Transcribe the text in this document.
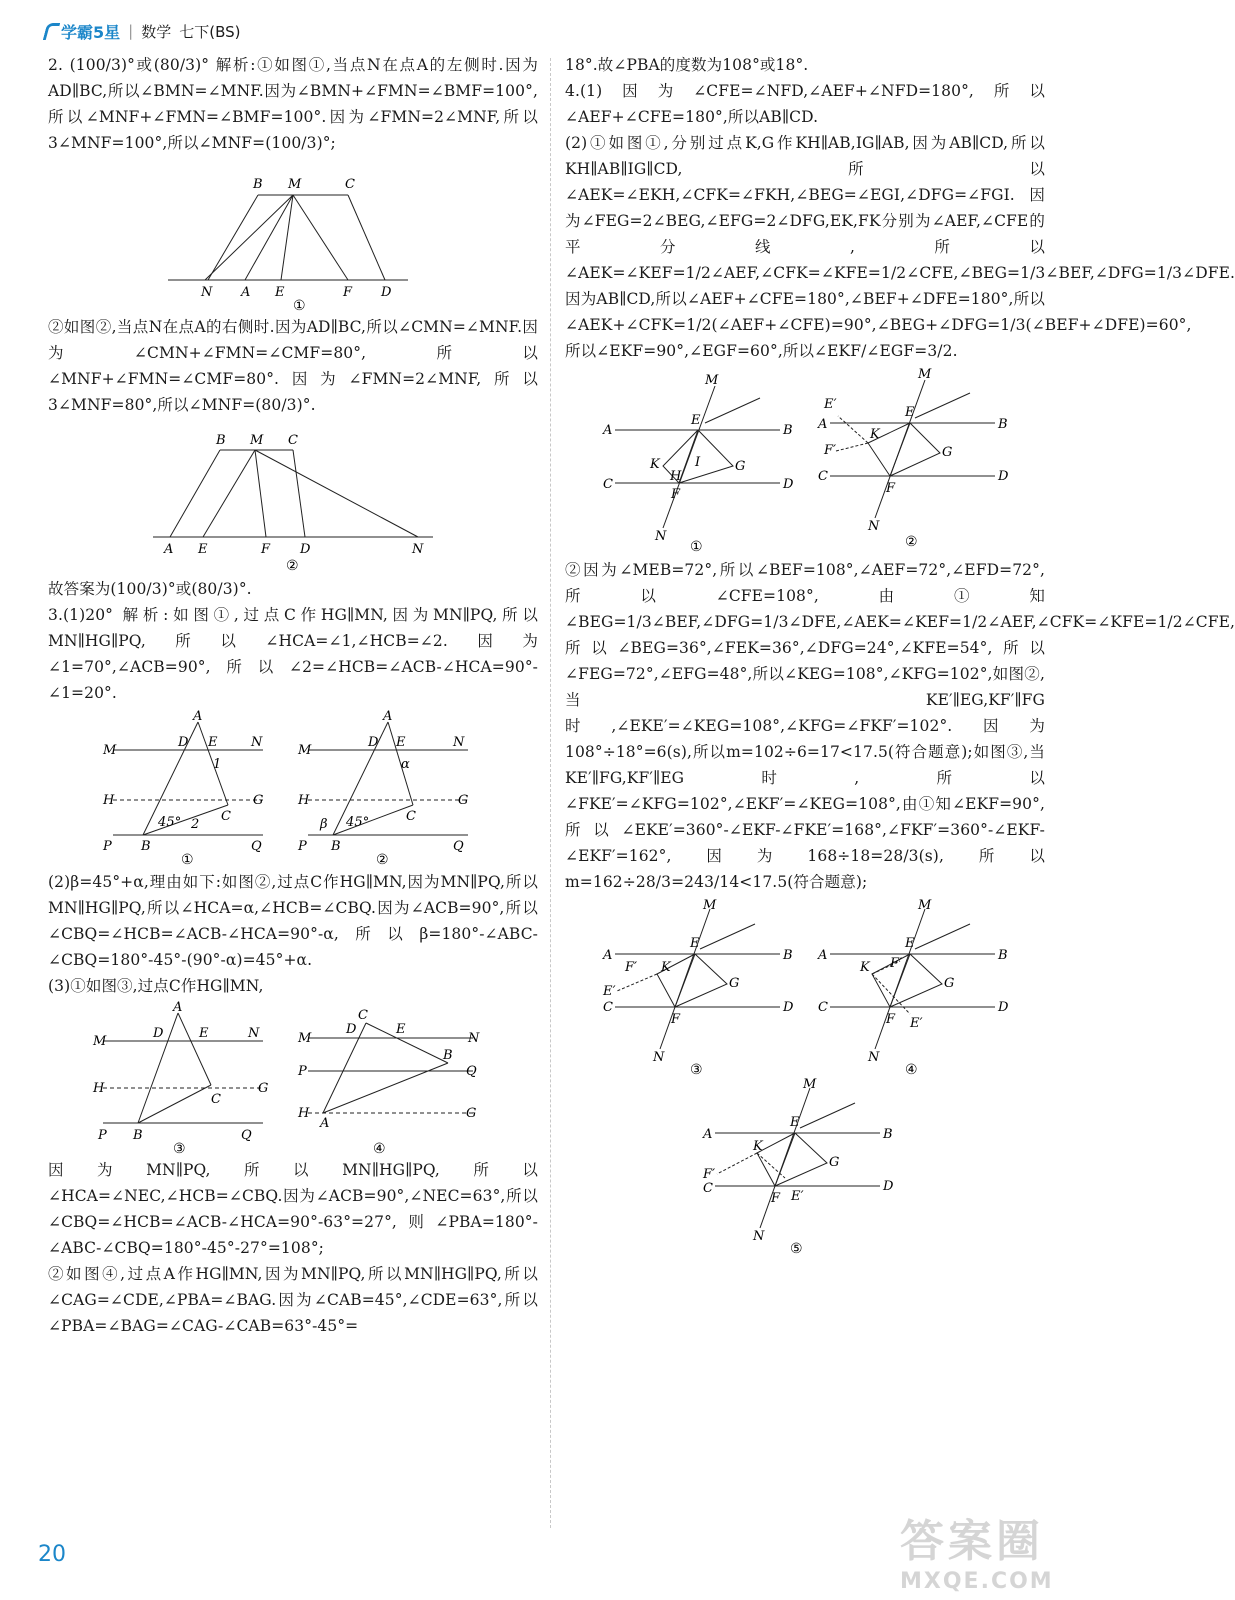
学霸5星 | 数学 七下(BS)

2. (100/3)°或(80/3)° 解析:①如图①,当点N在点A的左侧时.因为AD∥BC,所以∠BMN=∠MNF.因为∠BMN+∠FMN=∠BMF=100°,所以∠MNF+∠FMN=∠BMF=100°.因为∠FMN=2∠MNF,所以3∠MNF=100°,所以∠MNF=(100/3)°;

B M	C
N A E	F D
①

②如图②,当点N在点A的右侧时.因为AD∥BC,所以∠CMN=∠MNF.因为∠CMN+∠FMN=∠CMF=80°,所以∠MNF+∠FMN=∠CMF=80°.因为∠FMN=2∠MNF,所以3∠MNF=80°,所以∠MNF=(80/3)°.

B M C
A E	F D	N
②

故答案为(100/3)°或(80/3)°.

3.(1)20° 解析:如图①,过点C作HG∥MN,因为MN∥PQ,所以MN∥HG∥PQ,所以∠HCA=∠1,∠HCB=∠2.因为∠1=70°,∠ACB=90°,所以∠2=∠HCB=∠ACB-∠HCA=90°-∠1=20°.

A
M
D E	N
H	G
C
P B	Q
45°
1
2
①
A
M
D E	N
H	G
C
P B	Q
45°
β
α
②

(2)β=45°+α,理由如下:如图②,过点C作HG∥MN,因为MN∥PQ,所以MN∥HG∥PQ,所以∠HCA=α,∠HCB=∠CBQ.因为∠ACB=90°,所以∠CBQ=∠HCB=∠ACB-∠HCA=90°-α,所以β=180°-∠ABC-∠CBQ=180°-45°-(90°-α)=45°+α.

(3)①如图③,过点C作HG∥MN,

A
M
D	E	N
H	G
C
P B	Q
③
C
D	E
M	N
P	Q
B
H	G
A
④

因为MN∥PQ,所以MN∥HG∥PQ,所以∠HCA=∠NEC,∠HCB=∠CBQ.因为∠ACB=90°,∠NEC=63°,所以∠CBQ=∠HCB=∠ACB-∠HCA=90°-63°=27°,则∠PBA=180°-∠ABC-∠CBQ=180°-45°-27°=108°;

②如图④,过点A作HG∥MN,因为MN∥PQ,所以MN∥HG∥PQ,所以∠CAG=∠CDE,∠PBA=∠BAG.因为∠CAB=45°,∠CDE=63°,所以∠PBA=∠BAG=∠CAG-∠CAB=63°-45°=

18°.故∠PBA的度数为108°或18°.

4.(1)因为∠CFE=∠NFD,∠AEF+∠NFD=180°,所以∠AEF+∠CFE=180°,所以AB∥CD.

(2)①如图①,分别过点K,G作KH∥AB,IG∥AB,因为AB∥CD,所以KH∥AB∥IG∥CD,所以∠AEK=∠EKH,∠CFK=∠FKH,∠BEG=∠EGI,∠DFG=∠FGI.因为∠FEG=2∠BEG,∠EFG=2∠DFG,EK,FK分别为∠AEF,∠CFE的平分线,所以∠AEK=∠KEF=1/2∠AEF,∠CFK=∠KFE=1/2∠CFE,∠BEG=1/3∠BEF,∠DFG=1/3∠DFE.因为AB∥CD,所以∠AEF+∠CFE=180°,∠BEF+∠DFE=180°,所以∠AEK+∠CFK=1/2(∠AEF+∠CFE)=90°,∠BEG+∠DFG=1/3(∠BEF+∠DFE)=60°,所以∠EKF=90°,∠EGF=60°,所以∠EKF/∠EGF=3/2.

M
A	B
E
K	I	G
H
C	D
F
N
①
M
E′
A	B
E
K
F′	G
C	D
F
N
②

②因为∠MEB=72°,所以∠BEF=108°,∠AEF=72°,∠EFD=72°,所以∠CFE=108°,由①知∠BEG=1/3∠BEF,∠DFG=1/3∠DFE,∠AEK=∠KEF=1/2∠AEF,∠CFK=∠KFE=1/2∠CFE,所以∠BEG=36°,∠FEK=36°,∠DFG=24°,∠KFE=54°,所以∠FEG=72°,∠EFG=48°,所以∠KEG=108°,∠KFG=102°,如图②,当KE′∥EG,KF′∥FG时,∠EKE′=∠KEG=108°,∠KFG=∠FKF′=102°.因为108°÷18°=6(s),所以m=102÷6=17<17.5(符合题意);如图③,当KE′∥FG,KF′∥EG时,所以∠FKE′=∠KFG=102°,∠EKF′=∠KEG=108°,由①知∠EKF=90°,所以∠EKE′=360°-∠EKF-∠FKE′=168°,∠FKF′=360°-∠EKF-∠EKF′=162°,因为168÷18=28/3(s),所以m=162÷28/3=243/14<17.5(符合题意);

M
A	B
E
F′ K
E′
G
C	D
F
N
③
M
A	B
E
K F′
G
C	D
F E′
N
④
M
A	B
E
K
F′
G
C	D
F E′
N
⑤
20	答案圈
MXQE.COM
